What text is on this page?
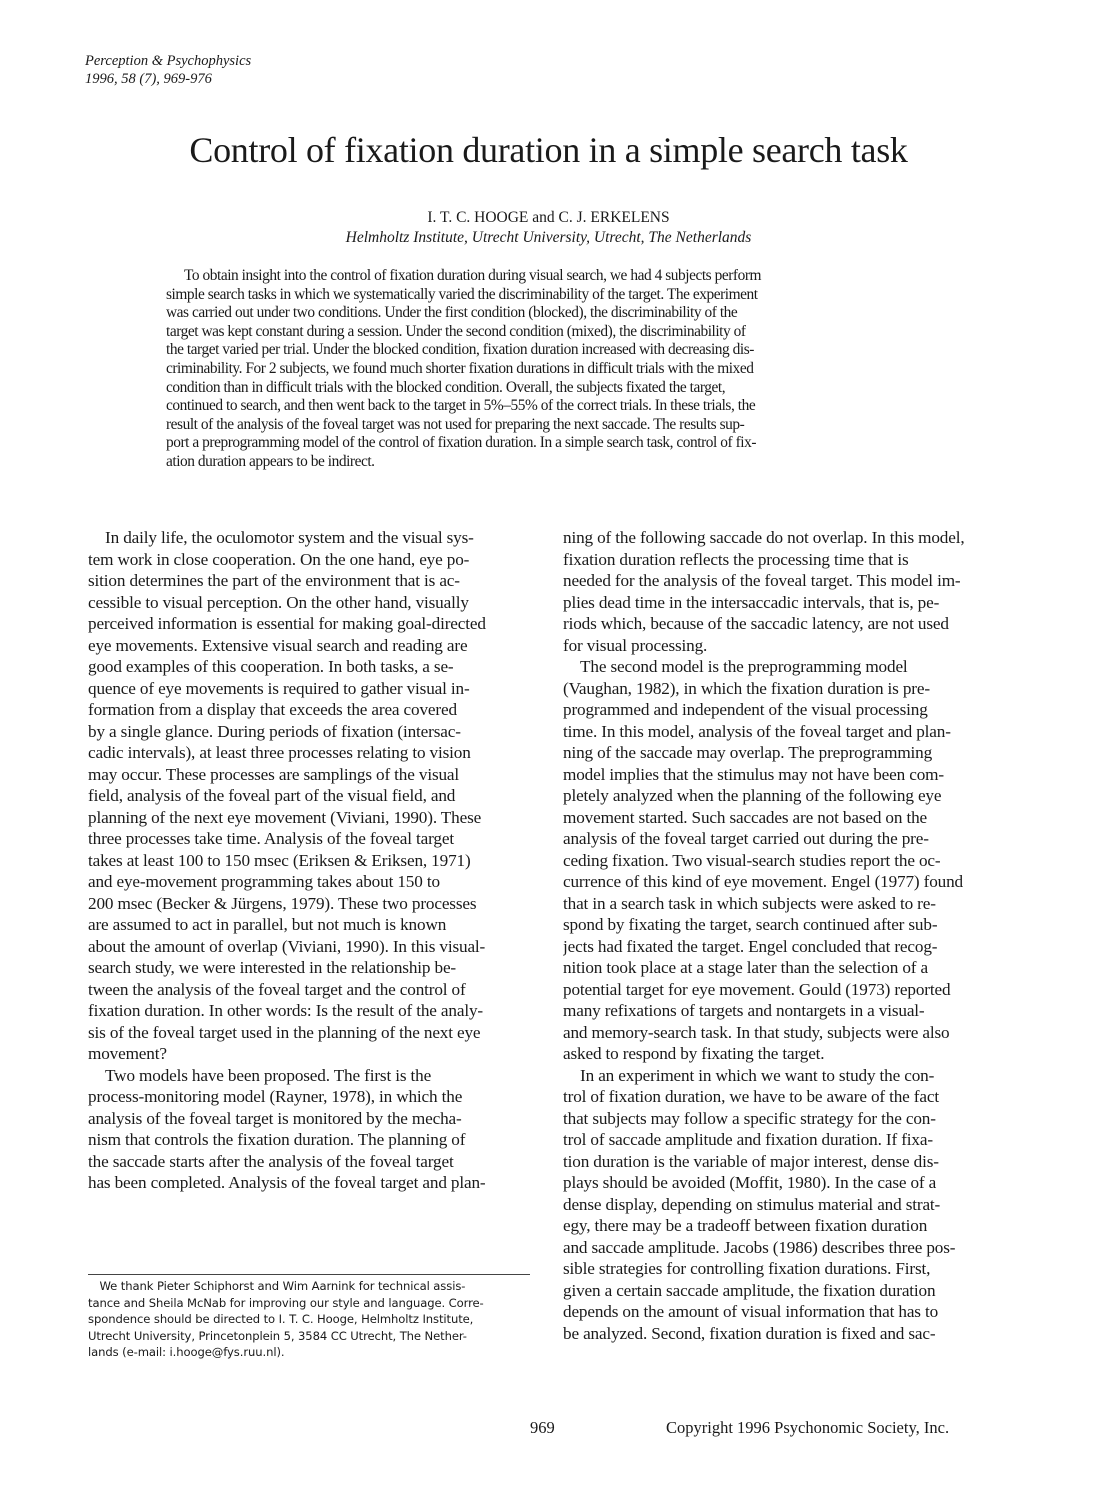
Perception & Psychophysics
1996, 58 (7), 969-976
Control of fixation duration in a simple search task
I. T. C. HOOGE and C. J. ERKELENS
Helmholtz Institute, Utrecht University, Utrecht, The Netherlands
To obtain insight into the control of fixation duration during visual search, we had 4 subjects perform
simple search tasks in which we systematically varied the discriminability of the target. The experiment
was carried out under two conditions. Under the first condition (blocked), the discriminability of the
target was kept constant during a session. Under the second condition (mixed), the discriminability of
the target varied per trial. Under the blocked condition, fixation duration increased with decreasing dis-
criminability. For 2 subjects, we found much shorter fixation durations in difficult trials with the mixed
condition than in difficult trials with the blocked condition. Overall, the subjects fixated the target,
continued to search, and then went back to the target in 5%–55% of the correct trials. In these trials, the
result of the analysis of the foveal target was not used for preparing the next saccade. The results sup-
port a preprogramming model of the control of fixation duration. In a simple search task, control of fix-
ation duration appears to be indirect.
 In daily life, the oculomotor system and the visual sys-
tem work in close cooperation. On the one hand, eye po-
sition determines the part of the environment that is ac-
cessible to visual perception. On the other hand, visually
perceived information is essential for making goal-directed
eye movements. Extensive visual search and reading are
good examples of this cooperation. In both tasks, a se-
quence of eye movements is required to gather visual in-
formation from a display that exceeds the area covered
by a single glance. During periods of fixation (intersac-
cadic intervals), at least three processes relating to vision
may occur. These processes are samplings of the visual
field, analysis of the foveal part of the visual field, and
planning of the next eye movement (Viviani, 1990). These
three processes take time. Analysis of the foveal target
takes at least 100 to 150 msec (Eriksen & Eriksen, 1971)
and eye-movement programming takes about 150 to
200 msec (Becker & Jürgens, 1979). These two processes
are assumed to act in parallel, but not much is known
about the amount of overlap (Viviani, 1990). In this visual-
search study, we were interested in the relationship be-
tween the analysis of the foveal target and the control of
fixation duration. In other words: Is the result of the analy-
sis of the foveal target used in the planning of the next eye
movement?
 Two models have been proposed. The first is the
process-monitoring model (Rayner, 1978), in which the
analysis of the foveal target is monitored by the mecha-
nism that controls the fixation duration. The planning of
the saccade starts after the analysis of the foveal target
has been completed. Analysis of the foveal target and plan-
ning of the following saccade do not overlap. In this model,
fixation duration reflects the processing time that is
needed for the analysis of the foveal target. This model im-
plies dead time in the intersaccadic intervals, that is, pe-
riods which, because of the saccadic latency, are not used
for visual processing.
 The second model is the preprogramming model
(Vaughan, 1982), in which the fixation duration is pre-
programmed and independent of the visual processing
time. In this model, analysis of the foveal target and plan-
ning of the saccade may overlap. The preprogramming
model implies that the stimulus may not have been com-
pletely analyzed when the planning of the following eye
movement started. Such saccades are not based on the
analysis of the foveal target carried out during the pre-
ceding fixation. Two visual-search studies report the oc-
currence of this kind of eye movement. Engel (1977) found
that in a search task in which subjects were asked to re-
spond by fixating the target, search continued after sub-
jects had fixated the target. Engel concluded that recog-
nition took place at a stage later than the selection of a
potential target for eye movement. Gould (1973) reported
many refixations of targets and nontargets in a visual-
and memory-search task. In that study, subjects were also
asked to respond by fixating the target.
 In an experiment in which we want to study the con-
trol of fixation duration, we have to be aware of the fact
that subjects may follow a specific strategy for the con-
trol of saccade amplitude and fixation duration. If fixa-
tion duration is the variable of major interest, dense dis-
plays should be avoided (Moffit, 1980). In the case of a
dense display, depending on stimulus material and strat-
egy, there may be a tradeoff between fixation duration
and saccade amplitude. Jacobs (1986) describes three pos-
sible strategies for controlling fixation durations. First,
given a certain saccade amplitude, the fixation duration
depends on the amount of visual information that has to
be analyzed. Second, fixation duration is fixed and sac-
 We thank Pieter Schiphorst and Wim Aarnink for technical assis-
tance and Sheila McNab for improving our style and language. Corre-
spondence should be directed to I. T. C. Hooge, Helmholtz Institute,
Utrecht University, Princetonplein 5, 3584 CC Utrecht, The Nether-
lands (e-mail: i.hooge@fys.ruu.nl).
969	Copyright 1996 Psychonomic Society, Inc.
